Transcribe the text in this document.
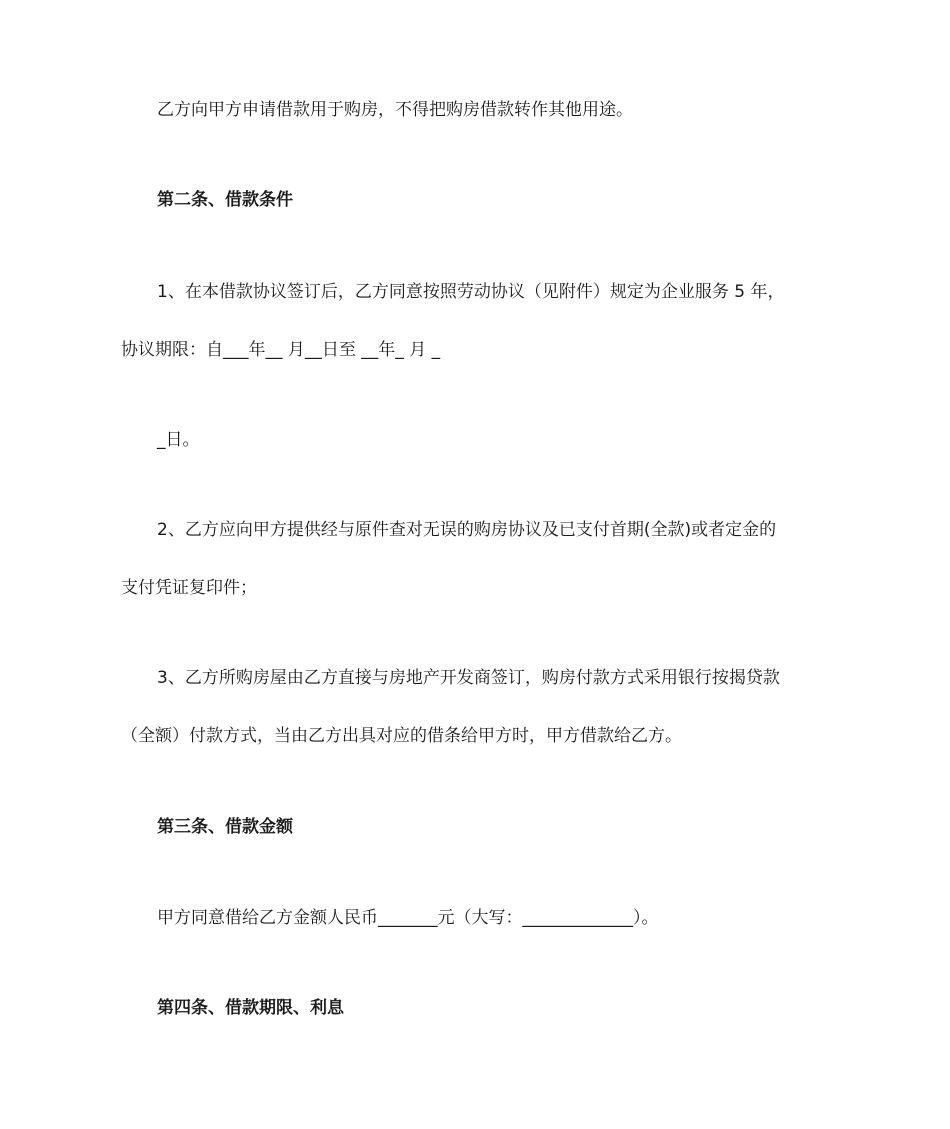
乙方向甲方申请借款用于购房，不得把购房借款转作其他用途。
第二条、借款条件
1、在本借款协议签订后，乙方同意按照劳动协议（见附件）规定为企业服务 5 年，
协议期限：自___年__ 月__日至 __年_ 月 _
_日。
2、乙方应向甲方提供经与原件查对无误的购房协议及已支付首期(全款)或者定金的
支付凭证复印件；
3、乙方所购房屋由乙方直接与房地产开发商签订，购房付款方式采用银行按揭贷款
（全额）付款方式，当由乙方出具对应的借条给甲方时，甲方借款给乙方。
第三条、借款金额
甲方同意借给乙方金额人民币_______元（大写：_____________）。
第四条、借款期限、利息
